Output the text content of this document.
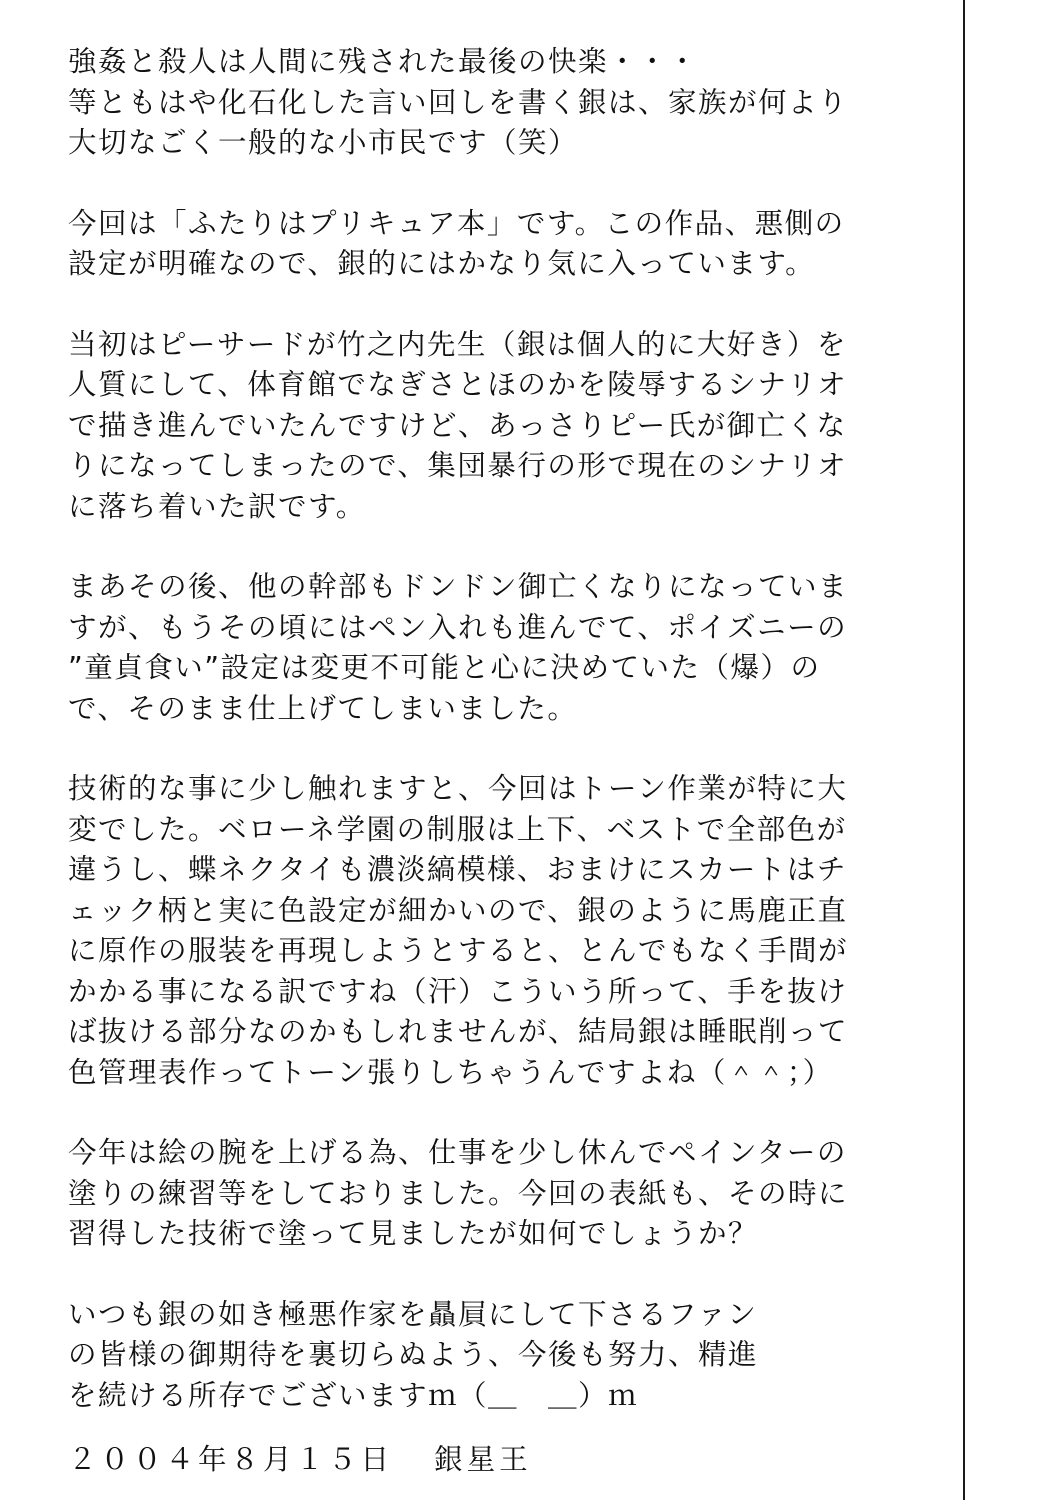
強姦と殺人は人間に残された最後の快楽・・・
等ともはや化石化した言い回しを書く銀は、家族が何より
大切なごく一般的な小市民です（笑）

今回は「ふたりはプリキュア本」です。この作品、悪側の
設定が明確なので、銀的にはかなり気に入っています。

当初はピーサードが竹之内先生（銀は個人的に大好き）を
人質にして、体育館でなぎさとほのかを陵辱するシナリオ
で描き進んでいたんですけど、あっさりピー氏が御亡くな
りになってしまったので、集団暴行の形で現在のシナリオ
に落ち着いた訳です。

まあその後、他の幹部もドンドン御亡くなりになっていま
すが、もうその頃にはペン入れも進んでて、ポイズニーの
”童貞食い”設定は変更不可能と心に決めていた（爆）の
で、そのまま仕上げてしまいました。

技術的な事に少し触れますと、今回はトーン作業が特に大
変でした。ベローネ学園の制服は上下、ベストで全部色が
違うし、蝶ネクタイも濃淡縞模様、おまけにスカートはチ
ェック柄と実に色設定が細かいので、銀のように馬鹿正直
に原作の服装を再現しようとすると、とんでもなく手間が
かかる事になる訳ですね（汗）こういう所って、手を抜け
ば抜ける部分なのかもしれませんが、結局銀は睡眠削って
色管理表作ってトーン張りしちゃうんですよね（＾＾；）

今年は絵の腕を上げる為、仕事を少し休んでペインターの
塗りの練習等をしておりました。今回の表紙も、その時に
習得した技術で塗って見ましたが如何でしょうか？

いつも銀の如き極悪作家を贔屓にして下さるファン
の皆様の御期待を裏切らぬよう、今後も努力、精進
を続ける所存でございますｍ（＿　＿）ｍ

２００４年８月１５日 銀星王
